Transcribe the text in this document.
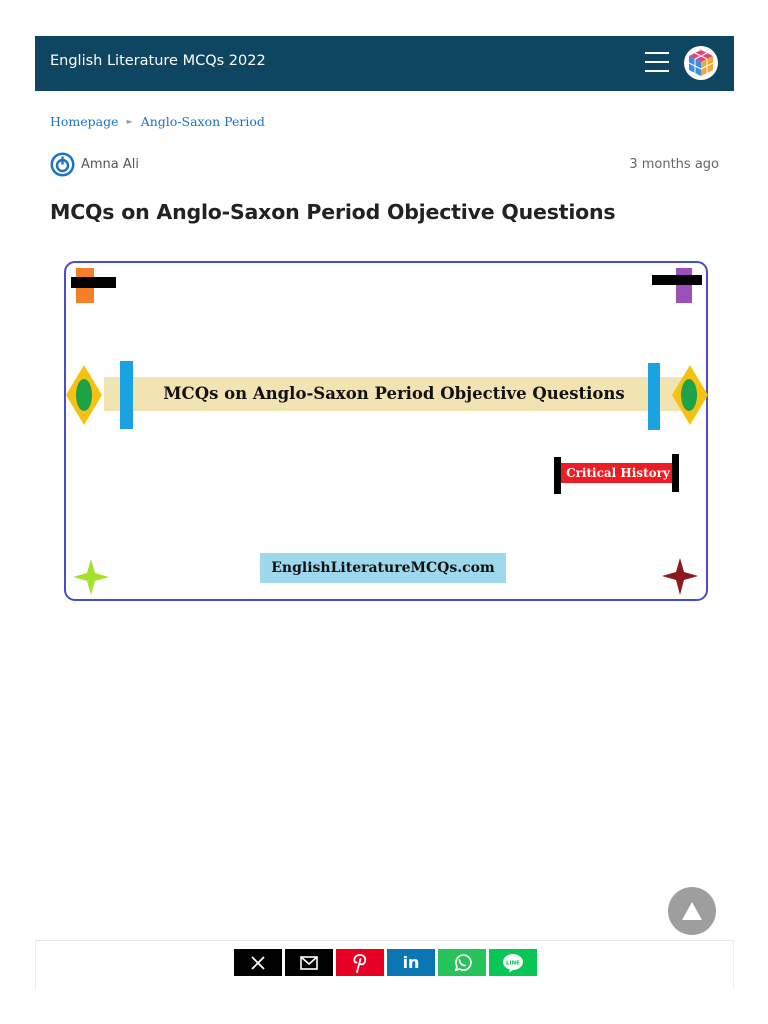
English Literature MCQs 2022
Homepage ► Anglo-Saxon Period
Amna Ali	3 months ago
MCQs on Anglo-Saxon Period Objective Questions
MCQs on Anglo-Saxon Period Objective Questions
Critical History
EnglishLiteratureMCQs.com
in	LINE
